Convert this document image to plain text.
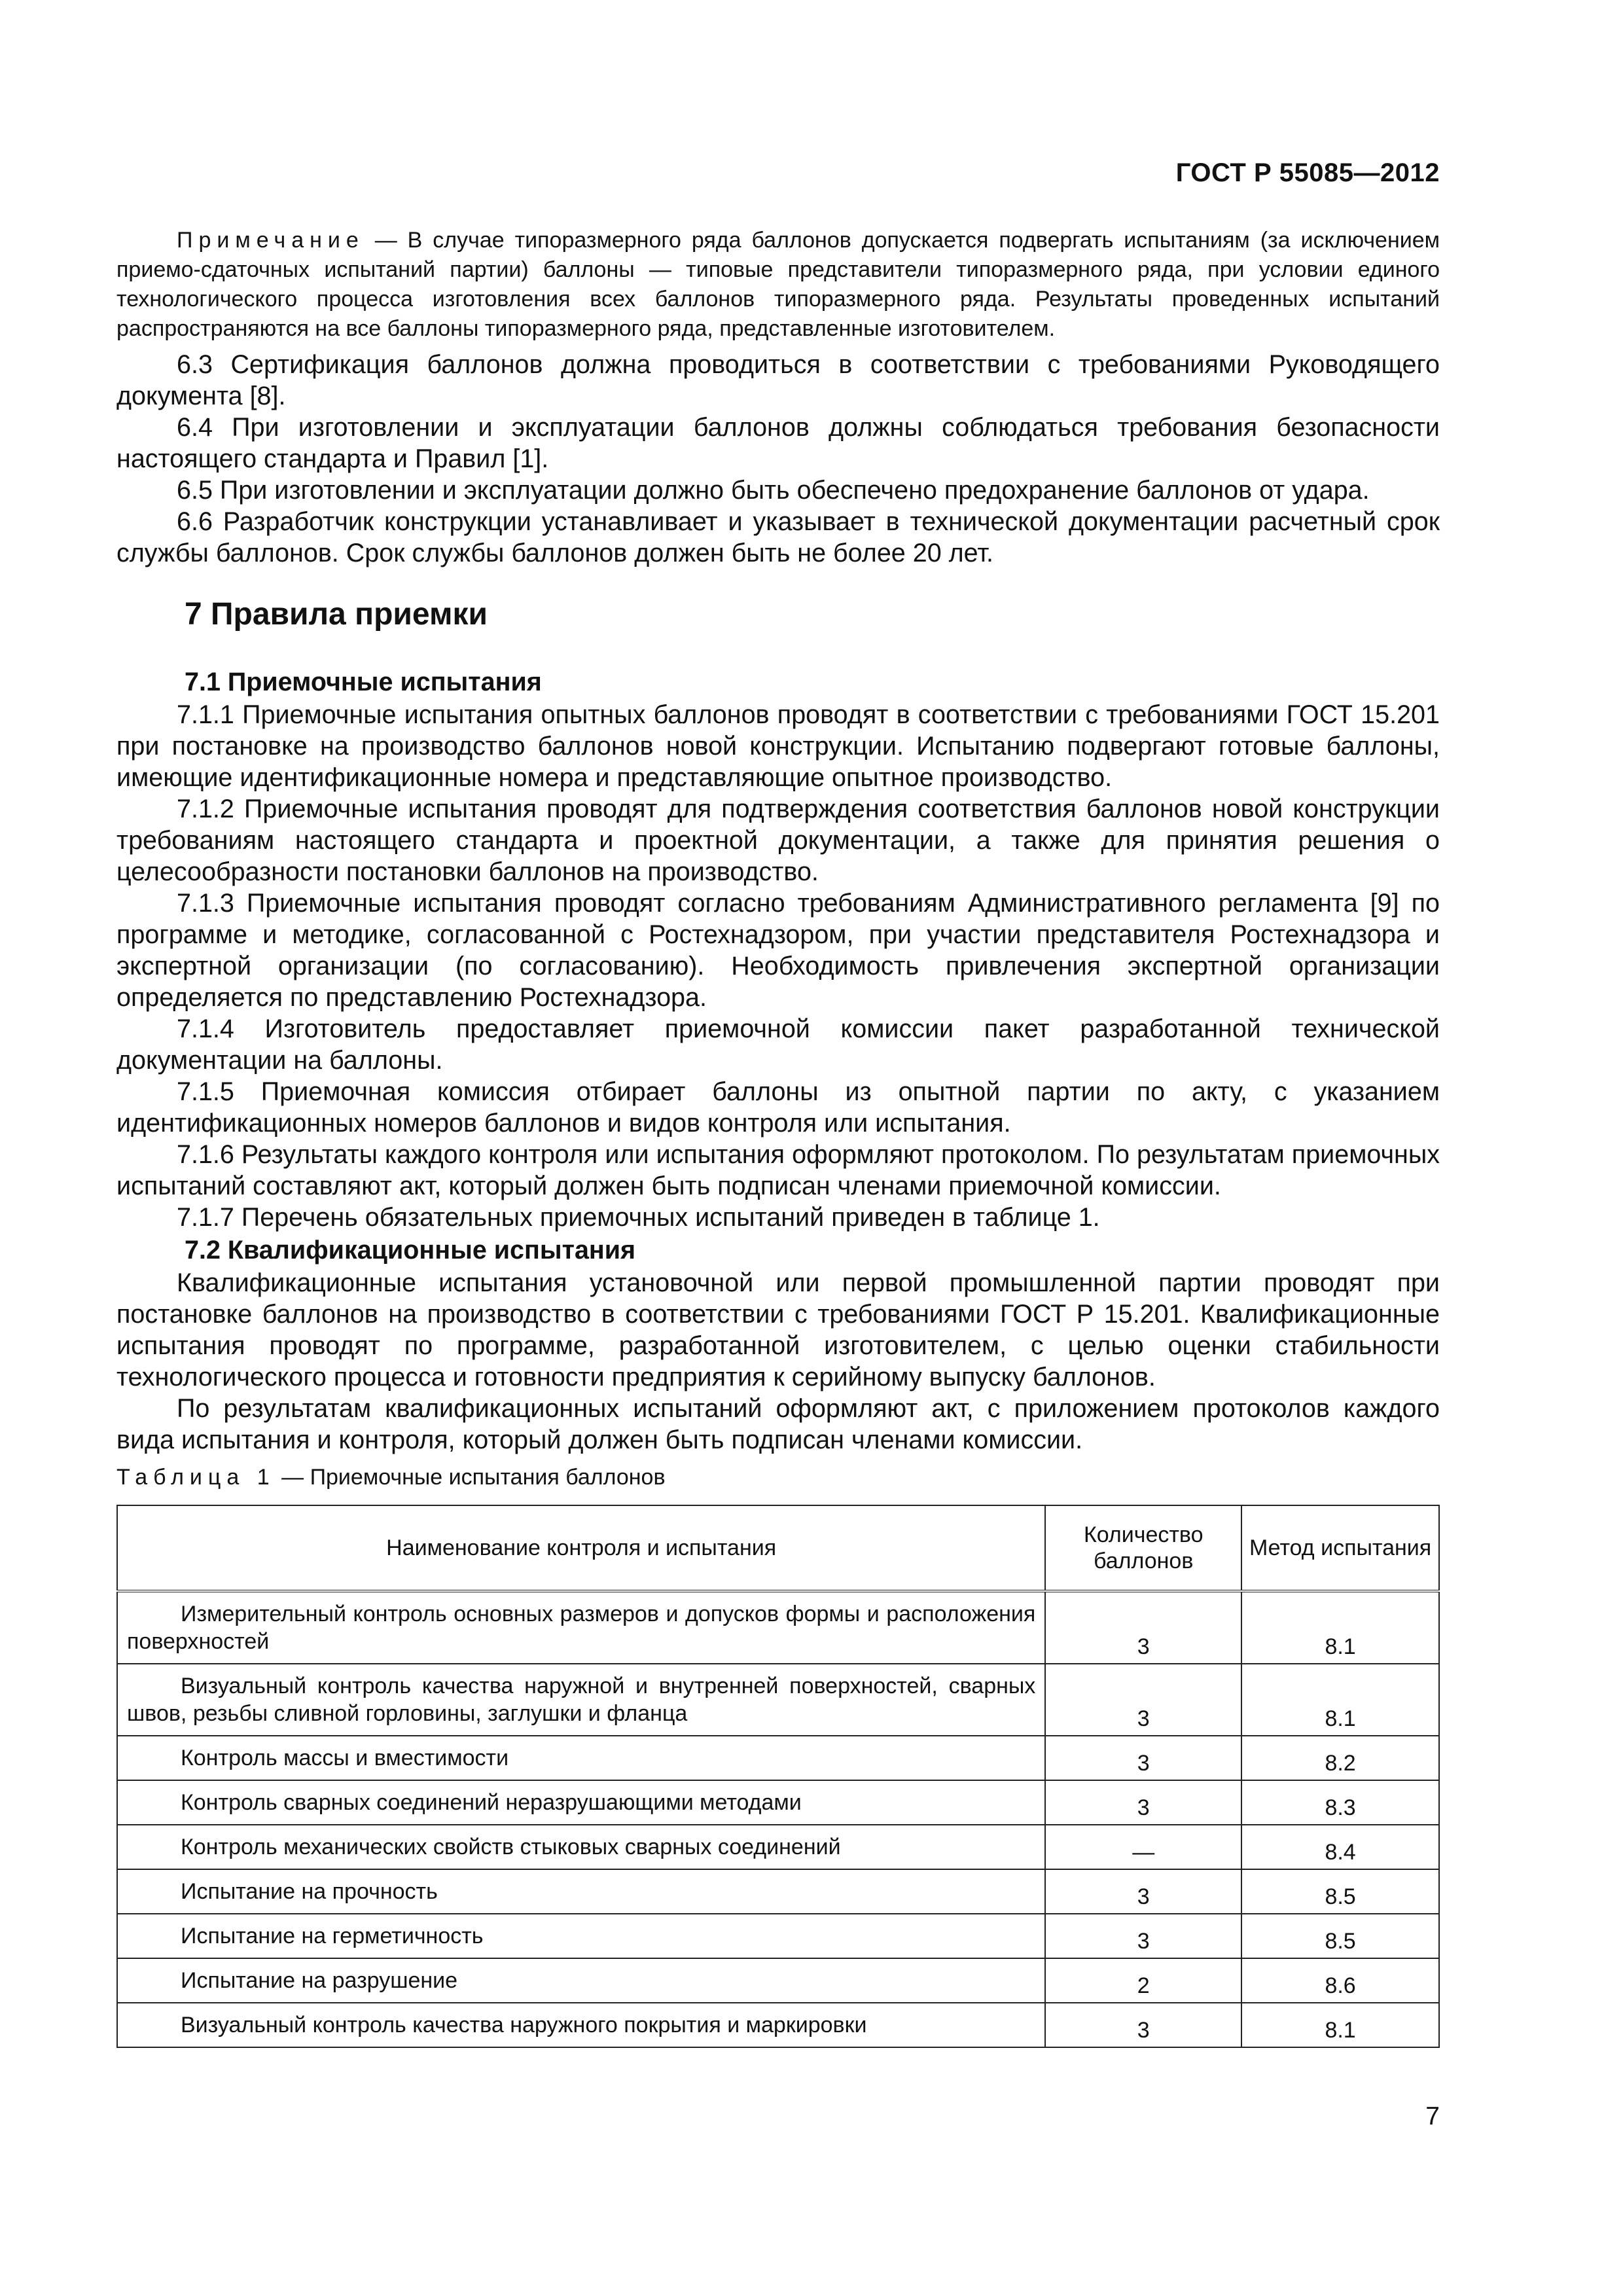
ГОСТ Р 55085—2012

Примечание — В случае типоразмерного ряда баллонов допускается подвергать испытаниям (за исключением приемо-сдаточных испытаний партии) баллоны — типовые представители типоразмерного ряда, при условии единого технологического процесса изготовления всех баллонов типоразмерного ряда. Результаты проведенных испытаний распространяются на все баллоны типоразмерного ряда, представленные изготовителем.

6.3 Сертификация баллонов должна проводиться в соответствии с требованиями Руководящего документа [8].

6.4 При изготовлении и эксплуатации баллонов должны соблюдаться требования безопасности настоящего стандарта и Правил [1].

6.5 При изготовлении и эксплуатации должно быть обеспечено предохранение баллонов от удара.

6.6 Разработчик конструкции устанавливает и указывает в технической документации расчетный срок службы баллонов. Срок службы баллонов должен быть не более 20 лет.

7 Правила приемки
7.1 Приемочные испытания

7.1.1 Приемочные испытания опытных баллонов проводят в соответствии с требованиями ГОСТ 15.201 при постановке на производство баллонов новой конструкции. Испытанию подвергают готовые баллоны, имеющие идентификационные номера и представляющие опытное производство.

7.1.2 Приемочные испытания проводят для подтверждения соответствия баллонов новой конструкции требованиям настоящего стандарта и проектной документации, а также для принятия решения о целесообразности постановки баллонов на производство.

7.1.3 Приемочные испытания проводят согласно требованиям Административного регламента [9] по программе и методике, согласованной с Ростехнадзором, при участии представителя Ростехнадзора и экспертной организации (по согласованию). Необходимость привлечения экспертной организации определяется по представлению Ростехнадзора.

7.1.4 Изготовитель предоставляет приемочной комиссии пакет разработанной технической документации на баллоны.

7.1.5 Приемочная комиссия отбирает баллоны из опытной партии по акту, с указанием идентификационных номеров баллонов и видов контроля или испытания.

7.1.6 Результаты каждого контроля или испытания оформляют протоколом. По результатам приемочных испытаний составляют акт, который должен быть подписан членами приемочной комиссии.

7.1.7 Перечень обязательных приемочных испытаний приведен в таблице 1.

7.2 Квалификационные испытания

Квалификационные испытания установочной или первой промышленной партии проводят при постановке баллонов на производство в соответствии с требованиями ГОСТ Р 15.201. Квалификационные испытания проводят по программе, разработанной изготовителем, с целью оценки стабильности технологического процесса и готовности предприятия к серийному выпуску баллонов.

По результатам квалификационных испытаний оформляют акт, с приложением протоколов каждого вида испытания и контроля, который должен быть подписан членами комиссии.

Таблица 1 — Приемочные испытания баллонов
Наименование контроля и испытания	Количество баллонов	Метод испытания
Измерительный контроль основных размеров и допусков формы и расположения поверхностей	3	8.1
Визуальный контроль качества наружной и внутренней поверхностей, сварных швов, резьбы сливной горловины, заглушки и фланца	3	8.1
Контроль массы и вместимости	3	8.2
Контроль сварных соединений неразрушающими методами	3	8.3
Контроль механических свойств стыковых сварных соединений	—	8.4
Испытание на прочность	3	8.5
Испытание на герметичность	3	8.5
Испытание на разрушение	2	8.6
Визуальный контроль качества наружного покрытия и маркировки	3	8.1
7
